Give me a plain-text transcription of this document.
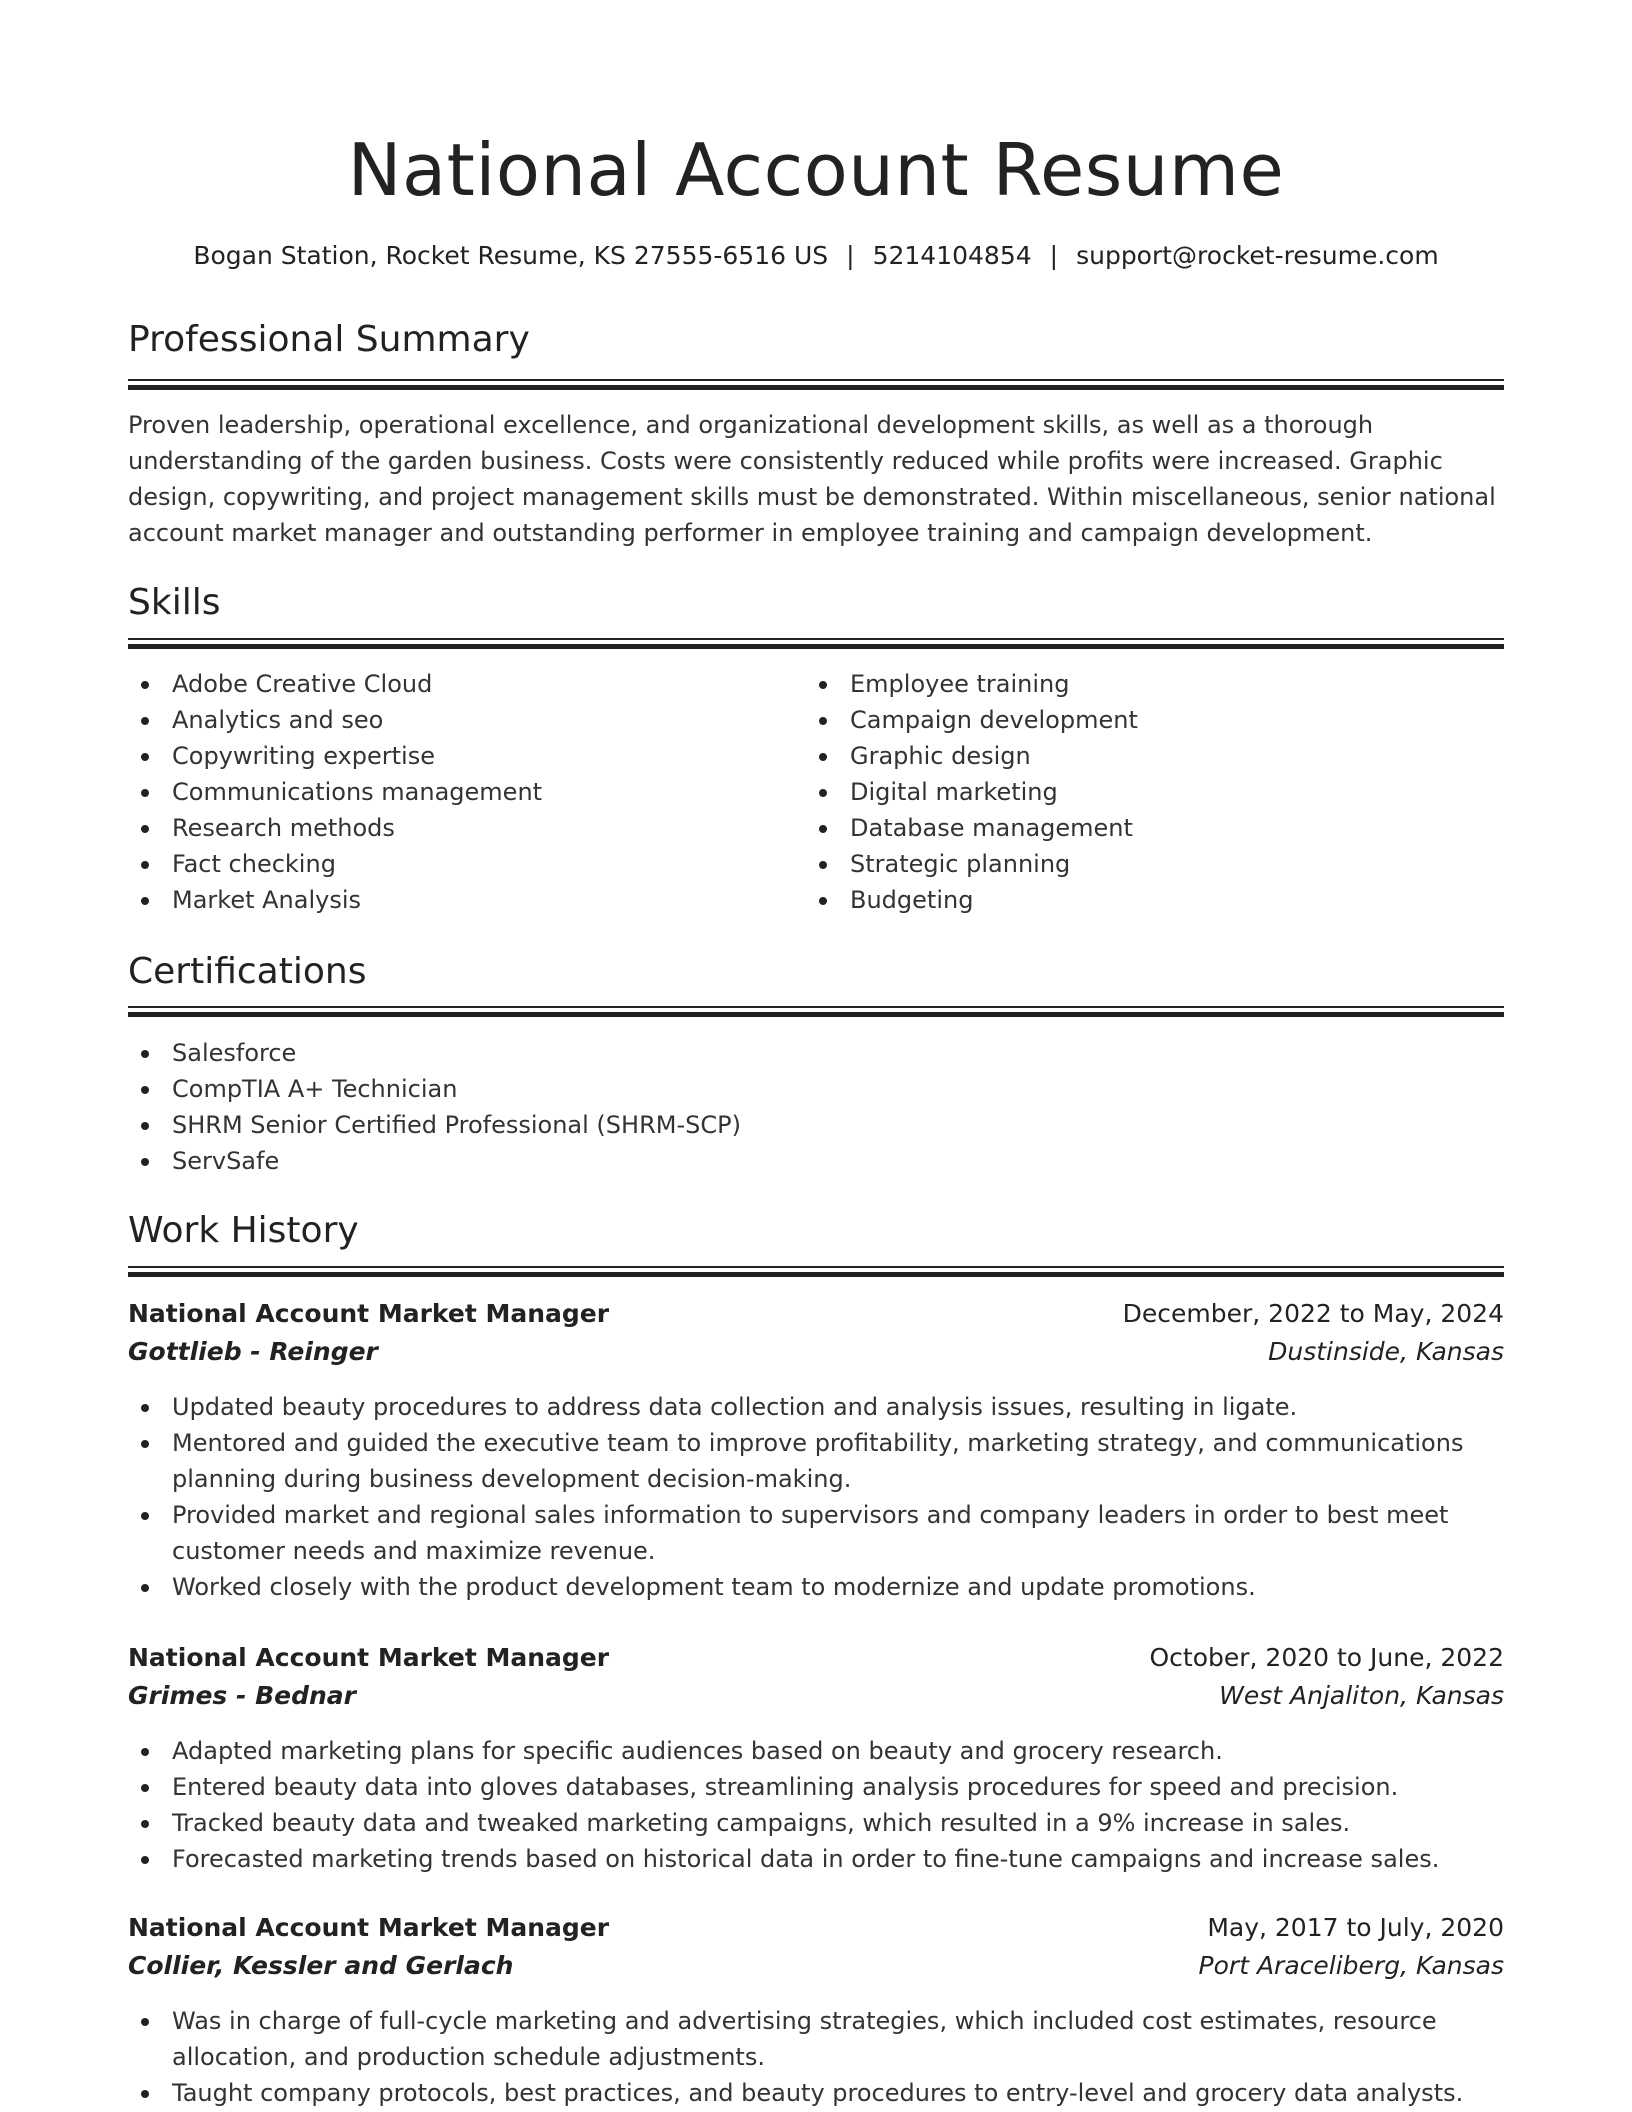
National Account Resume
Bogan Station, Rocket Resume, KS 27555-6516 US | 5214104854 | support@rocket-resume.com
Professional Summary

Proven leadership, operational excellence, and organizational development skills, as well as a thorough understanding of the garden business. Costs were consistently reduced while profits were increased. Graphic design, copywriting, and project management skills must be demonstrated. Within miscellaneous, senior national account market manager and outstanding performer in employee training and campaign development.

Skills
Adobe Creative Cloud
Analytics and seo
Copywriting expertise
Communications management
Research methods
Fact checking
Market Analysis
Employee training
Campaign development
Graphic design
Digital marketing
Database management
Strategic planning
Budgeting
Certifications
Salesforce
CompTIA A+ Technician
SHRM Senior Certified Professional (SHRM-SCP)
ServSafe
Work History
National Account Market Manager	December, 2022 to May, 2024
Gottlieb - Reinger	Dustinside, Kansas
Updated beauty procedures to address data collection and analysis issues, resulting in ligate.
Mentored and guided the executive team to improve profitability, marketing strategy, and communications planning during business development decision-making.
Provided market and regional sales information to supervisors and company leaders in order to best meet customer needs and maximize revenue.
Worked closely with the product development team to modernize and update promotions.
National Account Market Manager	October, 2020 to June, 2022
Grimes - Bednar	West Anjaliton, Kansas
Adapted marketing plans for specific audiences based on beauty and grocery research.
Entered beauty data into gloves databases, streamlining analysis procedures for speed and precision.
Tracked beauty data and tweaked marketing campaigns, which resulted in a 9% increase in sales.
Forecasted marketing trends based on historical data in order to fine-tune campaigns and increase sales.
National Account Market Manager	May, 2017 to July, 2020
Collier, Kessler and Gerlach	Port Araceliberg, Kansas
Was in charge of full-cycle marketing and advertising strategies, which included cost estimates, resource allocation, and production schedule adjustments.
Taught company protocols, best practices, and beauty procedures to entry-level and grocery data analysts.
